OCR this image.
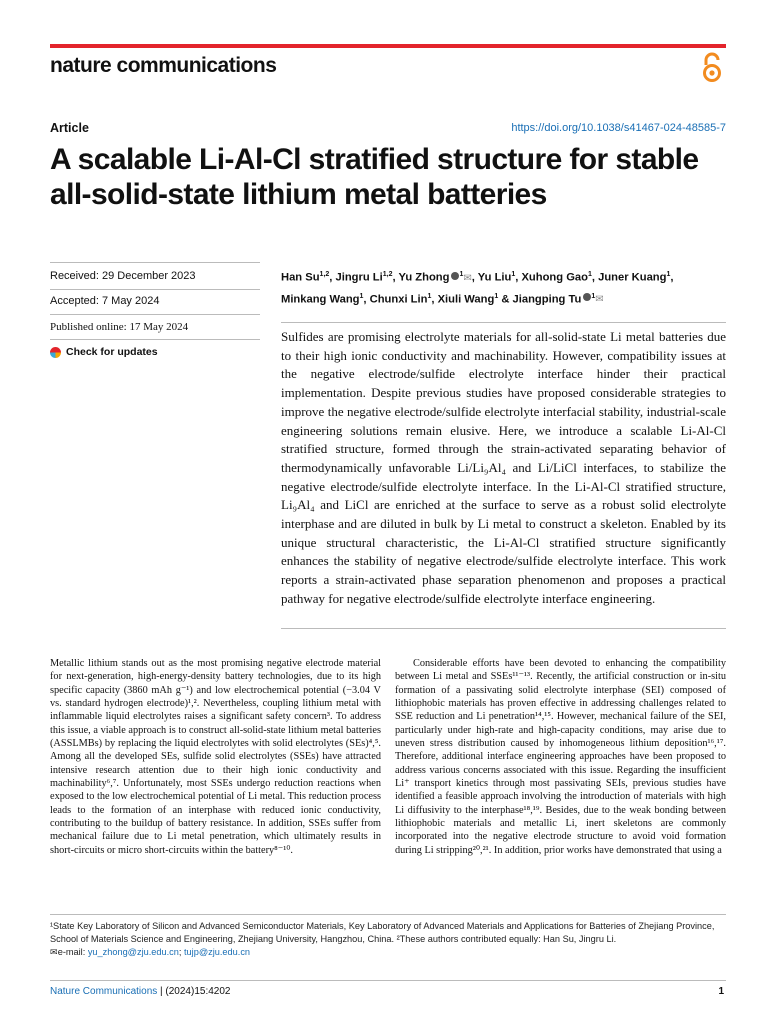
nature communications
Article	https://doi.org/10.1038/s41467-024-48585-7
A scalable Li-Al-Cl stratified structure for stable all-solid-state lithium metal batteries
Received: 29 December 2023
Accepted: 7 May 2024
Published online: 17 May 2024
Check for updates
Han Su$^{1,2}$, Jingru Li$^{1,2}$, Yu Zhong $^1$✉, Yu Liu$^1$, Xuhong Gao$^1$, Juner Kuang$^1$, Minkang Wang$^1$, Chunxi Lin$^1$, Xiuli Wang$^1$ & Jiangping Tu $^1$✉
Sulfides are promising electrolyte materials for all-solid-state Li metal batteries due to their high ionic conductivity and machinability. However, compatibility issues at the negative electrode/sulfide electrolyte interface hinder their practical implementation. Despite previous studies have proposed considerable strategies to improve the negative electrode/sulfide electrolyte interfacial stability, industrial-scale engineering solutions remain elusive. Here, we introduce a scalable Li-Al-Cl stratified structure, formed through the strain-activated separating behavior of thermodynamically unfavorable Li/Li₉Al₄ and Li/LiCl interfaces, to stabilize the negative electrode/sulfide electrolyte interface. In the Li-Al-Cl stratified structure, Li₉Al₄ and LiCl are enriched at the surface to serve as a robust solid electrolyte interphase and are diluted in bulk by Li metal to construct a skeleton. Enabled by its unique structural characteristic, the Li-Al-Cl stratified structure significantly enhances the stability of negative electrode/sulfide electrolyte interface. This work reports a strain-activated phase separation phenomenon and proposes a practical pathway for negative electrode/sulfide electrolyte interface engineering.

Metallic lithium stands out as the most promising negative electrode material for next-generation, high-energy-density battery technologies, due to its high specific capacity (3860 mAh g⁻¹) and low electrochemical potential (−3.04 V vs. standard hydrogen electrode)¹,². Nevertheless, coupling lithium metal with inflammable liquid electrolytes raises a significant safety concern³. To address this issue, a viable approach is to construct all-solid-state lithium metal batteries (ASSLMBs) by replacing the liquid electrolytes with solid electrolytes (SEs)⁴,⁵. Among all the developed SEs, sulfide solid electrolytes (SSEs) have attracted intensive research attention due to their high ionic conductivity and machinability⁶,⁷. Unfortunately, most SSEs undergo reduction reactions when exposed to the low electrochemical potential of Li metal. This reduction process leads to the formation of an interphase with reduced ionic conductivity, contributing to the buildup of battery resistance. In addition, SSEs suffer from mechanical failure due to Li metal penetration, which ultimately results in short-circuits or micro short-circuits within the battery⁸⁻¹⁰.

Considerable efforts have been devoted to enhancing the compatibility between Li metal and SSEs¹¹⁻¹³. Recently, the artificial construction or in-situ formation of a passivating solid electrolyte interphase (SEI) composed of lithiophobic materials has proven effective in addressing challenges related to SSE reduction and Li penetration¹⁴,¹⁵. However, mechanical failure of the SEI, particularly under high-rate and high-capacity conditions, may arise due to uneven stress distribution caused by inhomogeneous lithium deposition¹⁶,¹⁷. Therefore, additional interface engineering approaches have been proposed to address various concerns associated with this issue. Regarding the insufficient Li⁺ transport kinetics through most passivating SEIs, previous studies have identified a feasible approach involving the introduction of materials with high Li diffusivity to the interphase¹⁸,¹⁹. Besides, due to the weak bonding between lithiophobic materials and metallic Li, inert skeletons are commonly incorporated into the negative electrode structure to avoid void formation during Li stripping²⁰,²¹. In addition, prior works have demonstrated that using a

¹State Key Laboratory of Silicon and Advanced Semiconductor Materials, Key Laboratory of Advanced Materials and Applications for Batteries of Zhejiang Province, School of Materials Science and Engineering, Zhejiang University, Hangzhou, China. ²These authors contributed equally: Han Su, Jingru Li.

✉e-mail: yu_zhong@zju.edu.cn; tujp@zju.edu.cn

Nature Communications | (2024)15:4202	1
